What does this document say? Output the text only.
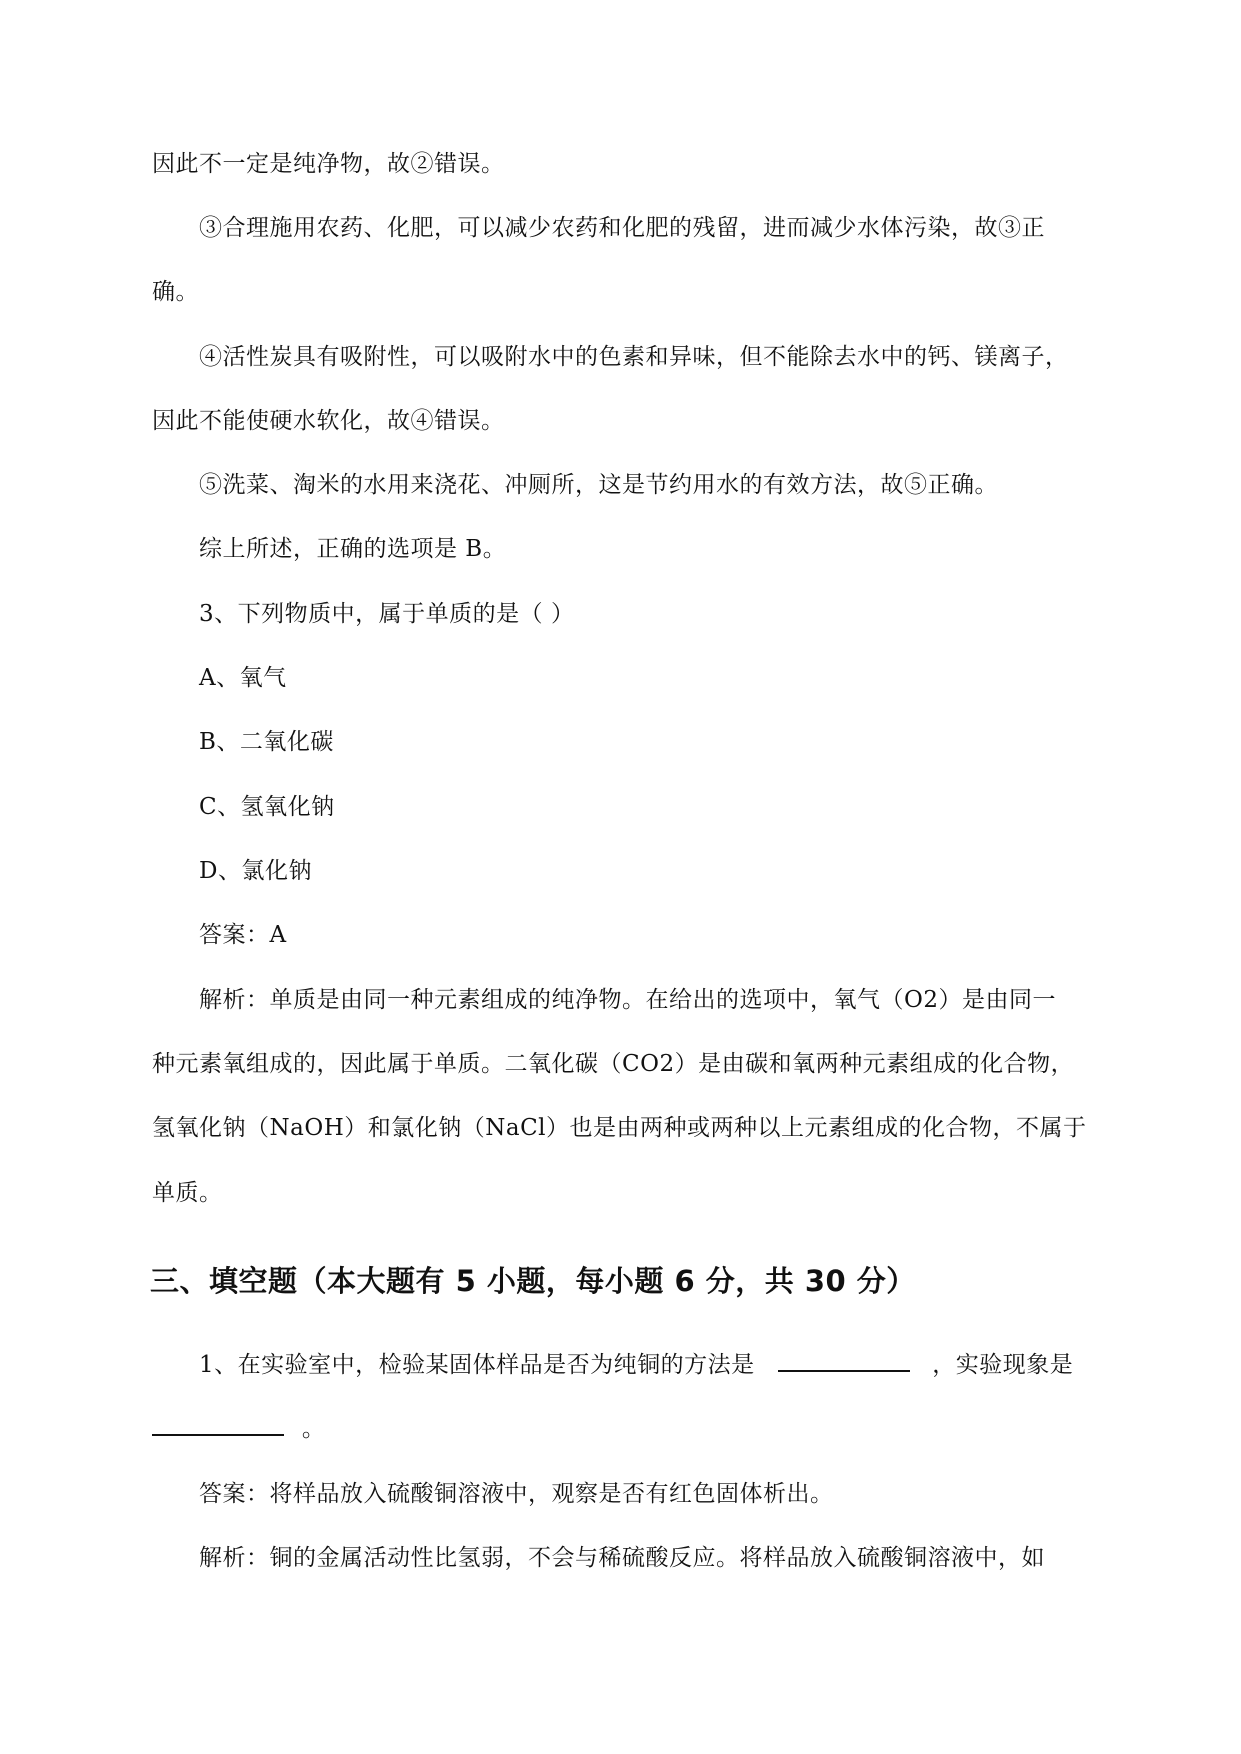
因此不一定是纯净物，故②错误。
③合理施用农药、化肥，可以减少农药和化肥的残留，进而减少水体污染，故③正
确。
④活性炭具有吸附性，可以吸附水中的色素和异味，但不能除去水中的钙、镁离子，
因此不能使硬水软化，故④错误。
⑤洗菜、淘米的水用来浇花、冲厕所，这是节约用水的有效方法，故⑤正确。
综上所述，正确的选项是 B。
3、下列物质中，属于单质的是（ ）
A、氧气
B、二氧化碳
C、氢氧化钠
D、氯化钠
答案：A
解析：单质是由同一种元素组成的纯净物。在给出的选项中，氧气（O2）是由同一
种元素氧组成的，因此属于单质。二氧化碳（CO2）是由碳和氧两种元素组成的化合物，
氢氧化钠（NaOH）和氯化钠（NaCl）也是由两种或两种以上元素组成的化合物，不属于
单质。
三、填空题（本大题有 5 小题，每小题 6 分，共 30 分）
1、在实验室中，检验某固体样品是否为纯铜的方法是	，实验现象是
。
答案：将样品放入硫酸铜溶液中，观察是否有红色固体析出。
解析：铜的金属活动性比氢弱，不会与稀硫酸反应。将样品放入硫酸铜溶液中，如
